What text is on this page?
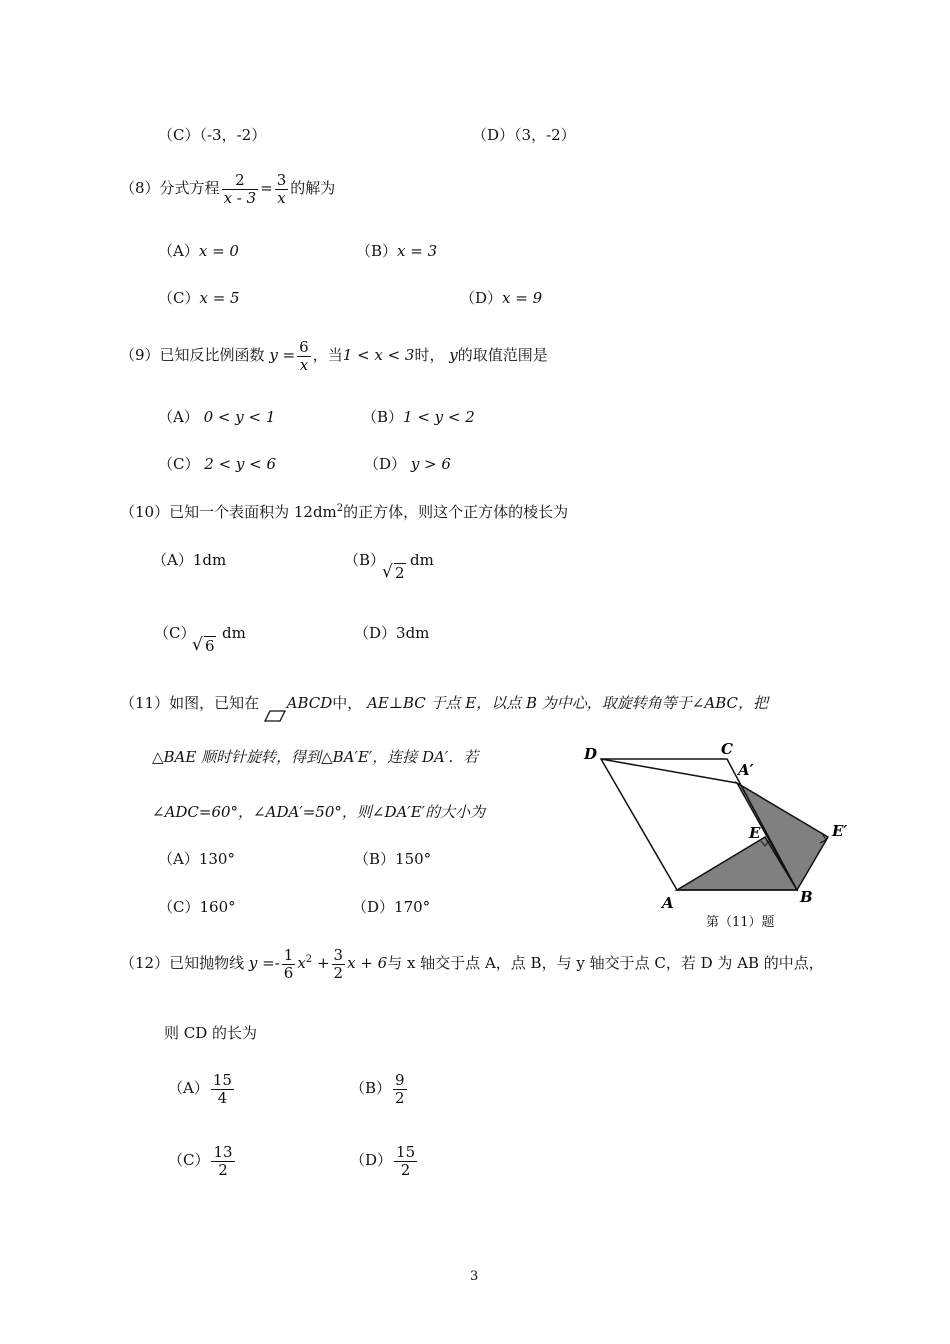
（C）（-3，-2）	（D）（3，-2）
（8）分式方程 $\frac{2}{x - 3} = \frac{3}{x}$ 的解为
（A）x = 0	（B）x = 3
（C）x = 5	（D）x = 9
（9）已知反比例函数 $y = \frac{6}{x}$ ，当1 < x < 3时， y的取值范围是
（A） 0 < y < 1	（B）1 < y < 2
（C） 2 < y < 6	（D） y > 6
（10）已知一个表面积为 $12dm^2$的正方体，则这个正方体的棱长为
（A）1dm	（B）
√ 2
dm
（C）
√ 6
dm	（D）3dm
（11）如图，已知在 ABCD中， AE⊥BC 于点 E，以点 B 为中心，取旋转角等于∠ABC，把
△BAE 顺时针旋转，得到△BA′E′，连接 DA′．若
∠ADC=60°，∠ADA′=50°，则∠DA′E′的大小为
（A）130°	（B）150°
（C）160°	（D）170°
D	C
A′
E	E′
A	B
第（11）题
（12）已知抛物线 $y =- \frac{1}{6} x^2 + \frac{3}{2}$ x + 6与 x 轴交于点 A，点 B，与 y 轴交于点 C，若 D 为 AB 的中点，
则 CD 的长为
$(A) \frac{15}{4}$	$(B) \frac{9}{2}$
$(C) \frac{13}{2}$	$(D) \frac{15}{2}$
3
